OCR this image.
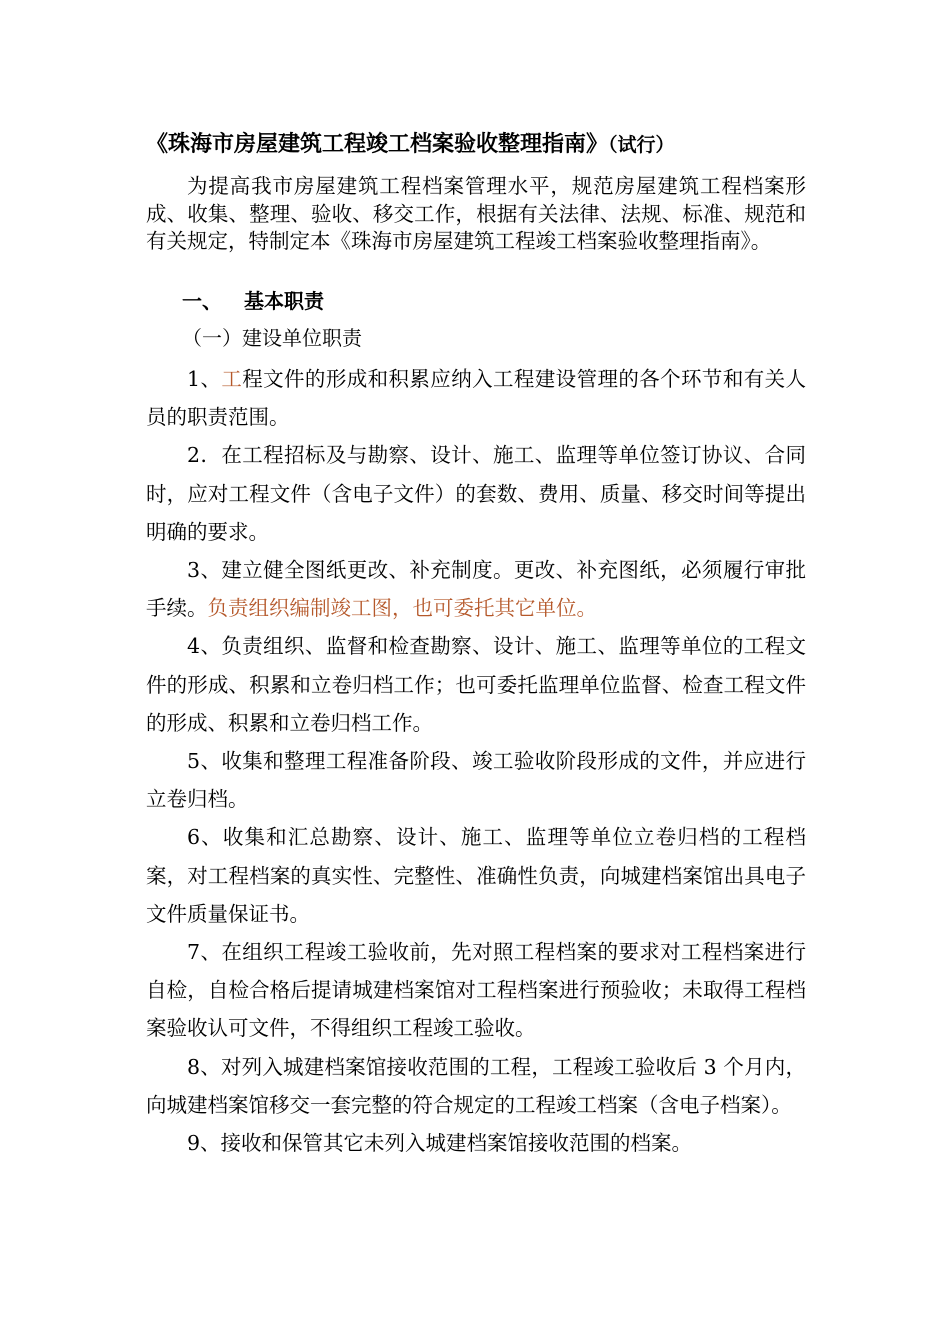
《珠海市房屋建筑工程竣工档案验收整理指南》（试行）

为提高我市房屋建筑工程档案管理水平，规范房屋建筑工程档案形成、收集、整理、验收、移交工作，根据有关法律、法规、标准、规范和有关规定，特制定本《珠海市房屋建筑工程竣工档案验收整理指南》。

一、 基本职责

（一）建设单位职责

1、工程文件的形成和积累应纳入工程建设管理的各个环节和有关人员的职责范围。

2．在工程招标及与勘察、设计、施工、监理等单位签订协议、合同时，应对工程文件（含电子文件）的套数、费用、质量、移交时间等提出明确的要求。

3、建立健全图纸更改、补充制度。更改、补充图纸，必须履行审批手续。负责组织编制竣工图，也可委托其它单位。

4、负责组织、监督和检查勘察、设计、施工、监理等单位的工程文件的形成、积累和立卷归档工作；也可委托监理单位监督、检查工程文件的形成、积累和立卷归档工作。

5、收集和整理工程准备阶段、竣工验收阶段形成的文件，并应进行立卷归档。

6、收集和汇总勘察、设计、施工、监理等单位立卷归档的工程档案，对工程档案的真实性、完整性、准确性负责，向城建档案馆出具电子文件质量保证书。

7、在组织工程竣工验收前，先对照工程档案的要求对工程档案进行自检，自检合格后提请城建档案馆对工程档案进行预验收；未取得工程档案验收认可文件，不得组织工程竣工验收。

8、对列入城建档案馆接收范围的工程，工程竣工验收后 3 个月内，向城建档案馆移交一套完整的符合规定的工程竣工档案（含电子档案）。

9、接收和保管其它未列入城建档案馆接收范围的档案。
